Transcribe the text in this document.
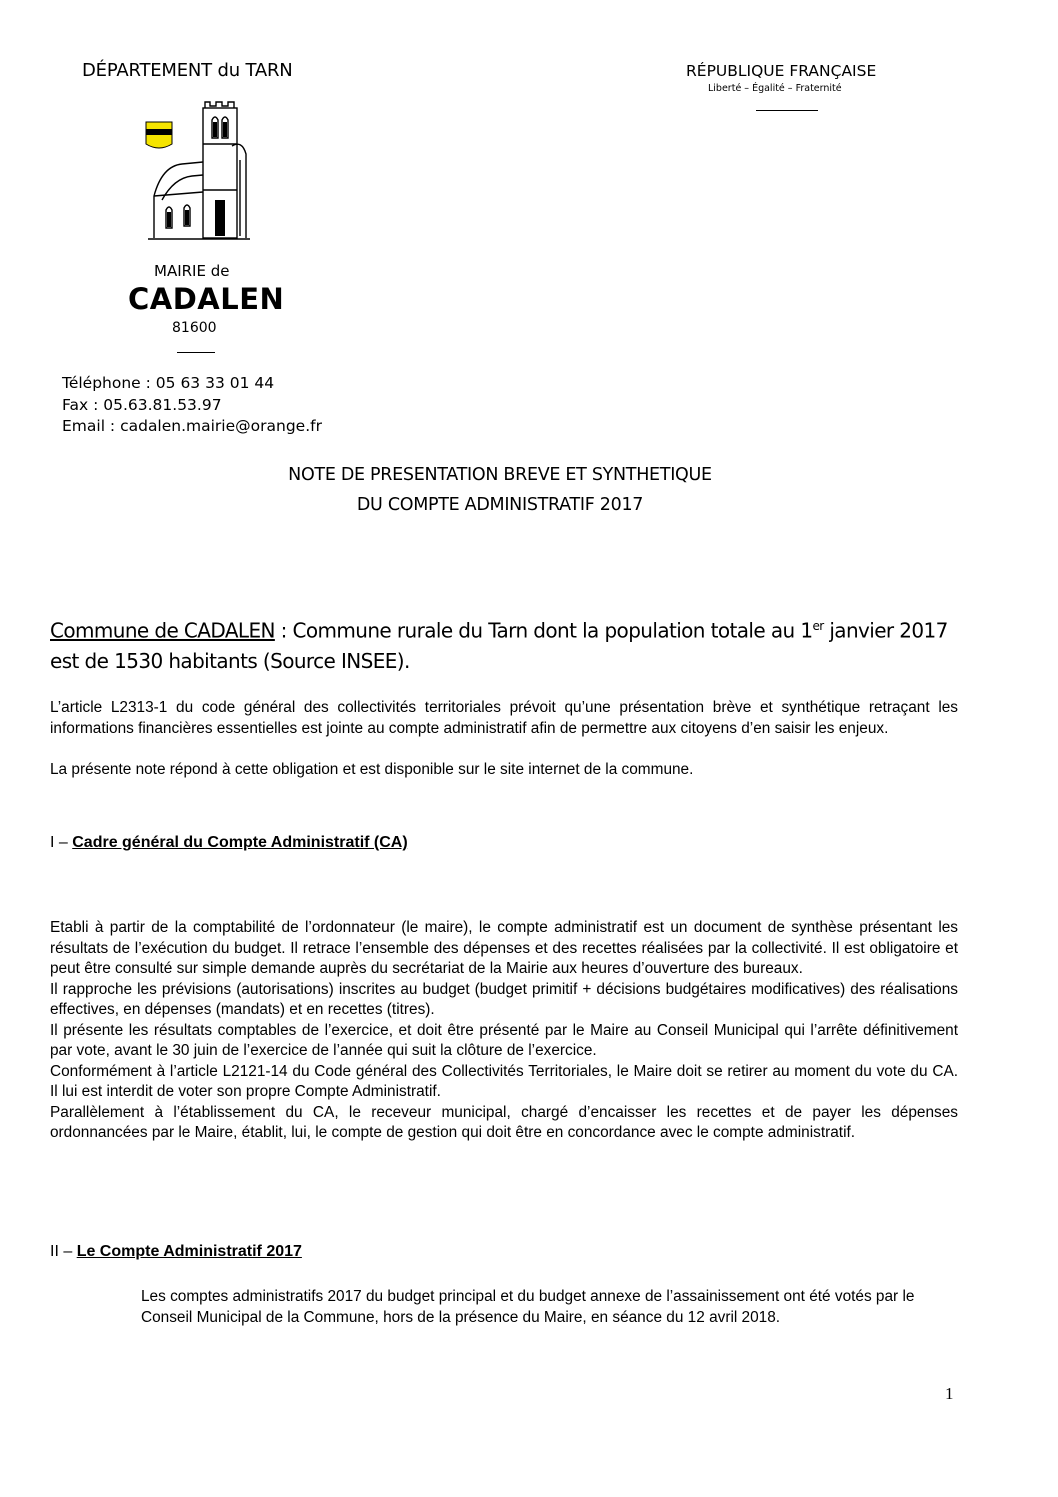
DÉPARTEMENT du TARN	RÉPUBLIQUE FRANÇAISE
Liberté – Égalité – Fraternité
MAIRIE de
CADALEN
81600
Téléphone : 05 63 33 01 44
Fax : 05.63.81.53.97
Email : cadalen.mairie@orange.fr
NOTE DE PRESENTATION BREVE ET SYNTHETIQUE
DU COMPTE ADMINISTRATIF 2017
Commune de CADALEN : Commune rurale du Tarn dont la population totale au 1er janvier 2017 est de 1530 habitants (Source INSEE).
L’article L2313-1 du code général des collectivités territoriales prévoit qu’une présentation brève et synthétique retraçant les informations financières essentielles est jointe au compte administratif afin de permettre aux citoyens d’en saisir les enjeux.
La présente note répond à cette obligation et est disponible sur le site internet de la commune.
I – Cadre général du Compte Administratif (CA)
Etabli à partir de la comptabilité de l’ordonnateur (le maire), le compte administratif est un document de synthèse présentant les résultats de l’exécution du budget. Il retrace l’ensemble des dépenses et des recettes réalisées par la collectivité. Il est obligatoire et peut être consulté sur simple demande auprès du secrétariat de la Mairie aux heures d’ouverture des bureaux.
Il rapproche les prévisions (autorisations) inscrites au budget (budget primitif + décisions budgétaires modificatives) des réalisations effectives, en dépenses (mandats) et en recettes (titres).
Il présente les résultats comptables de l’exercice, et doit être présenté par le Maire au Conseil Municipal qui l’arrête définitivement par vote, avant le 30 juin de l’exercice de l’année qui suit la clôture de l’exercice.
Conformément à l’article L2121-14 du Code général des Collectivités Territoriales, le Maire doit se retirer au moment du vote du CA. Il lui est interdit de voter son propre Compte Administratif.
Parallèlement à l’établissement du CA, le receveur municipal, chargé d’encaisser les recettes et de payer les dépenses ordonnancées par le Maire, établit, lui, le compte de gestion qui doit être en concordance avec le compte administratif.
II – Le Compte Administratif 2017
Les comptes administratifs 2017 du budget principal et du budget annexe de l’assainissement ont été votés par le Conseil Municipal de la Commune, hors de la présence du Maire, en séance du 12 avril 2018.
1
